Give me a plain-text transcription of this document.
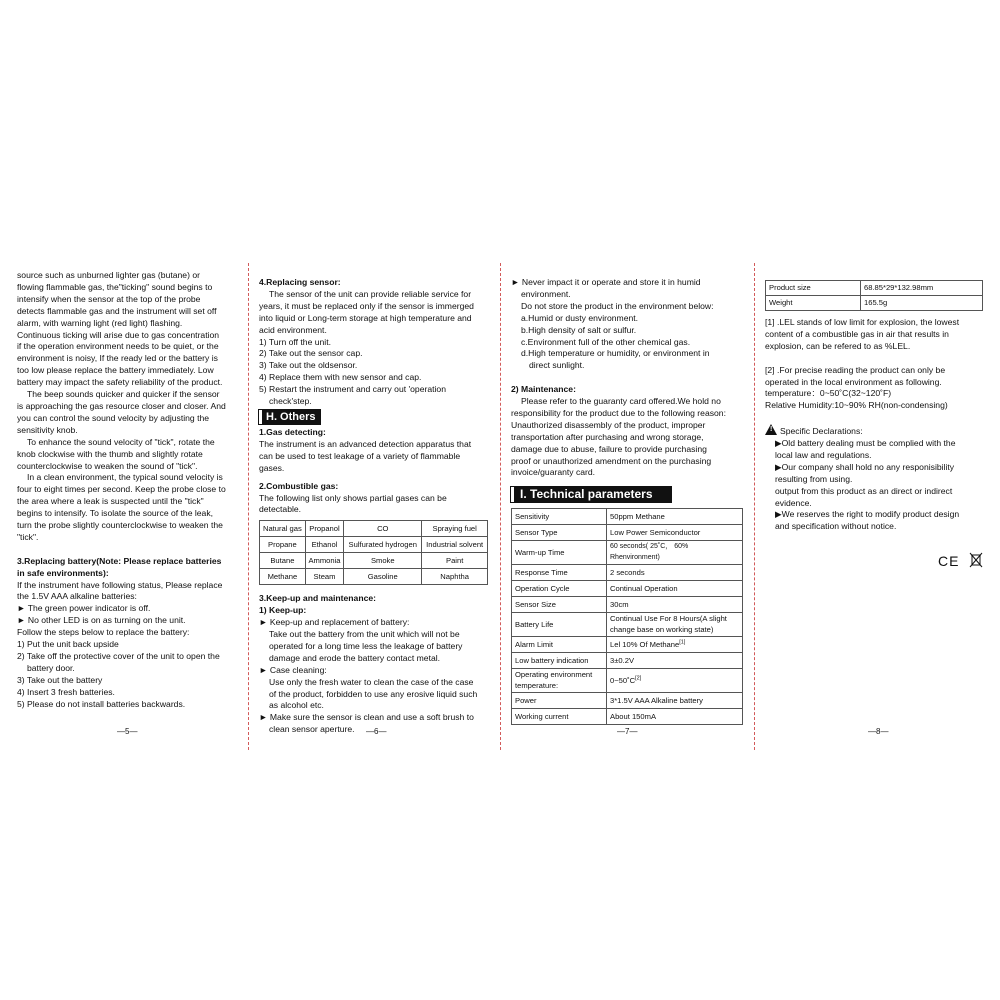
source such as unburned lighter gas (butane) or

flowing flammable gas, the"ticking" sound begins to

intensify when the sensor at the top of the probe

detects flammable gas and the instrument will set off

alarm, with warning light (red light) flashing.

Continuous ticking will arise due to gas concentration

if the operation environment needs to be quiet, or the

environment is noisy, If the ready led or the battery is

too low please replace the battery immediately. Low

battery may impact the safety reliability of the product.

The beep sounds quicker and quicker if the sensor

is approaching the gas resource closer and closer. And

you can control the sound velocity by adjusting the

sensitivity knob.

To enhance the sound velocity of "tick", rotate the

knob clockwise with the thumb and slightly rotate

counterclockwise to weaken the sound of "tick".

In a clean environment, the typical sound velocity is

four to eight times per second. Keep the probe close to

the area where a leak is suspected until the "tick"

begins to intensify. To isolate the source of the leak,

turn the probe slightly counterclockwise to weaken the

"tick".

3.Replacing battery(Note: Please replace batteries

in safe environments):

If the instrument have following status, Please replace

the 1.5V AAA alkaline batteries:

► The green power indicator is off.

► No other LED is on as turning on the unit.

Follow the steps below to replace the battery:

1) Put the unit back upside

2) Take off the protective cover of the unit to open the

battery door.

3) Take out the battery

4) Insert 3 fresh batteries.

5) Please do not install batteries backwards.

—5—

4.Replacing sensor:

The sensor of the unit can provide reliable service for

years, it must be replaced only if the sensor is immerged

into liquid or Long-term storage at high temperature and

acid environment.

1) Turn off the unit.

2) Take out the sensor cap.

3) Take out the oldsensor.

4) Replace them with new sensor and cap.

5) Restart the instrument and carry out 'operation

check'step.

H. Others

1.Gas detecting:

The instrument is an advanced detection apparatus that

can be used to test leakage of a variety of flammable

gases.

2.Combustible gas:

The following list only shows partial gases can be

detectable.

Natural gas	Propanol	CO	Spraying fuel
Propane	Ethanol	Sulfurated hydrogen	Industrial solvent
Butane	Ammonia	Smoke	Paint
Methane	Steam	Gasoline	Naphtha

3.Keep-up and maintenance:

1) Keep-up:

► Keep-up and replacement of battery:

Take out the battery from the unit which will not be

operated for a long time less the leakage of battery

damage and erode the battery contact metal.

► Case cleaning:

Use only the fresh water to clean the case of the case

of the product, forbidden to use any erosive liquid such

as alcohol etc.

► Make sure the sensor is clean and use a soft brush to

clean sensor aperture.	—6—

► Never impact it or operate and store it in humid

environment.

Do not store the product in the environment below:

a.Humid or dusty environment.

b.High density of salt or sulfur.

c.Environment full of the other chemical gas.

d.High temperature or humidity, or environment in

direct sunlight.

2) Maintenance:

Please refer to the guaranty card offered.We hold no

responsibility for the product due to the following reason:

Unauthorized disassembly of the product, improper

transportation after purchasing and wrong storage,

damage due to abuse, failure to provide purchasing

proof or unauthorized amendment on the purchasing

invoice/guaranty card.

I. Technical parameters
Sensitivity	50ppm Methane
Sensor Type	Low Power Semiconductor
Warm-up Time	60 seconds( 25˚C， 60% Rhenvironment)
Response Time	2 seconds
Operation Cycle	Continual Operation
Sensor Size	30cm
Battery Life	Continual Use For 8 Hours(A slight change base on working state)
Alarm Limit	Lel 10% Of Methane[1]
Low battery indication	3±0.2V
Operating environment temperature:	0~50˚C[2]
Power	3*1.5V AAA Alkaline battery
Working current	About 150mA
—7—
Product size	68.85*29*132.98mm
Weight	165.5g

[1] .LEL stands of low limit for explosion, the lowest

content of a combustible gas in air that results in

explosion, can be refered to as %LEL.

[2] .For precise reading the product can only be

operated in the local environment as following.

temperature：0~50˚C(32~120˚F)

Relative Humidity:10~90% RH(non-condensing)

!Specific Declarations:

▶Old battery dealing must be complied with the

local law and regulations.

▶Our company shall hold no any responisibility

resulting from using.

output from this product as an direct or indirect

evidence.

▶We reserves the right to modify product design

and specification without notice.

CE
—8—
